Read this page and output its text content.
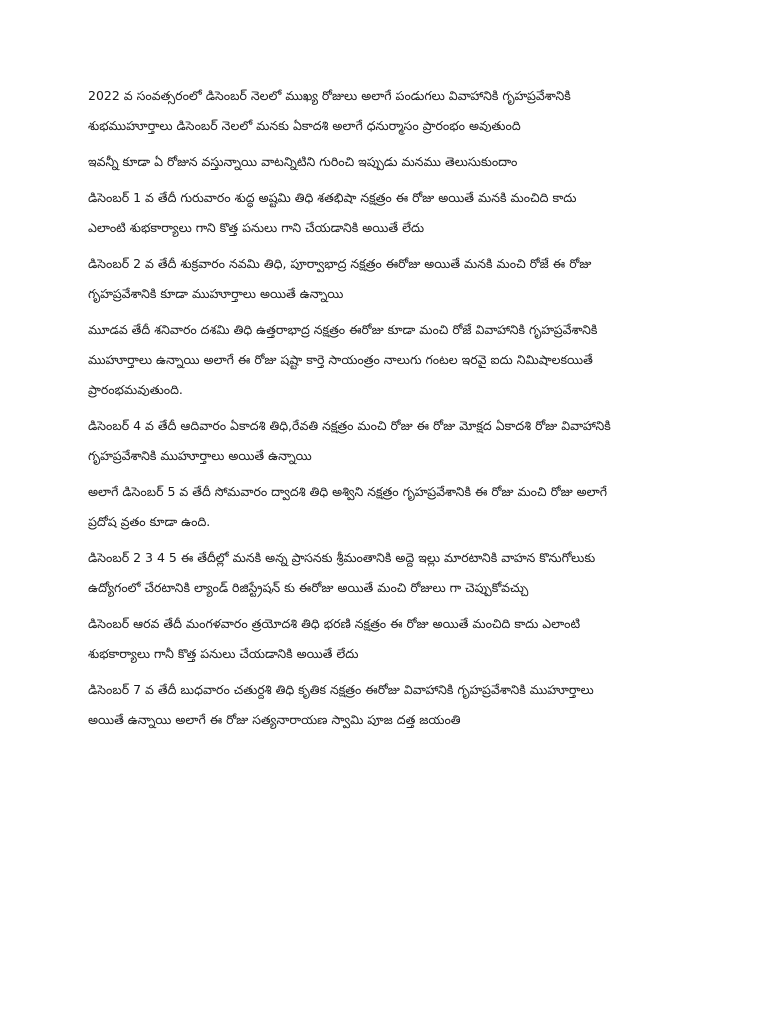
2022 వ సంవత్సరంలో డిసెంబర్ నెలలో ముఖ్య రోజులు అలాగే పండుగలు వివాహానికి గృహప్రవేశానికి
శుభముహూర్తాలు డిసెంబర్ నెలలో మనకు ఏకాదశి అలాగే ధనుర్మాసం ప్రారంభం అవుతుంది
ఇవన్నీ కూడా ఏ రోజున వస్తున్నాయి వాటన్నిటిని గురించి ఇప్పుడు మనము తెలుసుకుందాం
డిసెంబర్ 1 వ తేదీ గురువారం శుద్ధ అష్టమి తిధి శతభిషా నక్షత్రం ఈ రోజు అయితే మనకి మంచిది కాదు
ఎలాంటి శుభకార్యాలు గాని కొత్త పనులు గాని చేయడానికి అయితే లేదు
డిసెంబర్ 2 వ తేదీ శుక్రవారం నవమి తిధి, పూర్వాభాద్ర నక్షత్రం ఈరోజు అయితే మనకి మంచి రోజే ఈ రోజు
గృహప్రవేశానికి కూడా ముహూర్తాలు అయితే ఉన్నాయి
మూడవ తేదీ శనివారం దశమి తిధి ఉత్తరాభాద్ర నక్షత్రం ఈరోజు కూడా మంచి రోజే వివాహానికి గృహప్రవేశానికి
ముహూర్తాలు ఉన్నాయి అలాగే ఈ రోజు షష్టా కార్తె సాయంత్రం నాలుగు గంటల ఇరవై ఐదు నిమిషాలకయితే
ప్రారంభమవుతుంది.
డిసెంబర్ 4 వ తేదీ ఆదివారం ఏకాదశి తిధి,రేవతి నక్షత్రం మంచి రోజు ఈ రోజు మోక్షద ఏకాదశి రోజు వివాహానికి
గృహప్రవేశానికి ముహూర్తాలు అయితే ఉన్నాయి
అలాగే డిసెంబర్ 5 వ తేదీ సోమవారం ద్వాదశి తిధి అశ్విని నక్షత్రం గృహప్రవేశానికి ఈ రోజు మంచి రోజు అలాగే
ప్రదోష వ్రతం కూడా ఉంది.
డిసెంబర్ 2 3 4 5 ఈ తేదీల్లో మనకి అన్న ప్రాసనకు శ్రీమంతానికి అద్దె ఇల్లు మారటానికి వాహన కొనుగోలుకు
ఉద్యోగంలో చేరటానికి ల్యాండ్ రిజిస్ట్రేషన్ కు ఈరోజు అయితే మంచి రోజులు గా చెప్పుకోవచ్చు
డిసెంబర్ ఆరవ తేదీ మంగళవారం త్రయోదశి తిధి భరణి నక్షత్రం ఈ రోజు అయితే మంచిది కాదు ఎలాంటి
శుభకార్యాలు గానీ కొత్త పనులు చేయడానికి అయితే లేదు
డిసెంబర్ 7 వ తేదీ బుధవారం చతుర్దశి తిధి కృతిక నక్షత్రం ఈరోజు వివాహానికి గృహప్రవేశానికి ముహూర్తాలు
అయితే ఉన్నాయి అలాగే ఈ రోజు సత్యనారాయణ స్వామి పూజ దత్త జయంతి
